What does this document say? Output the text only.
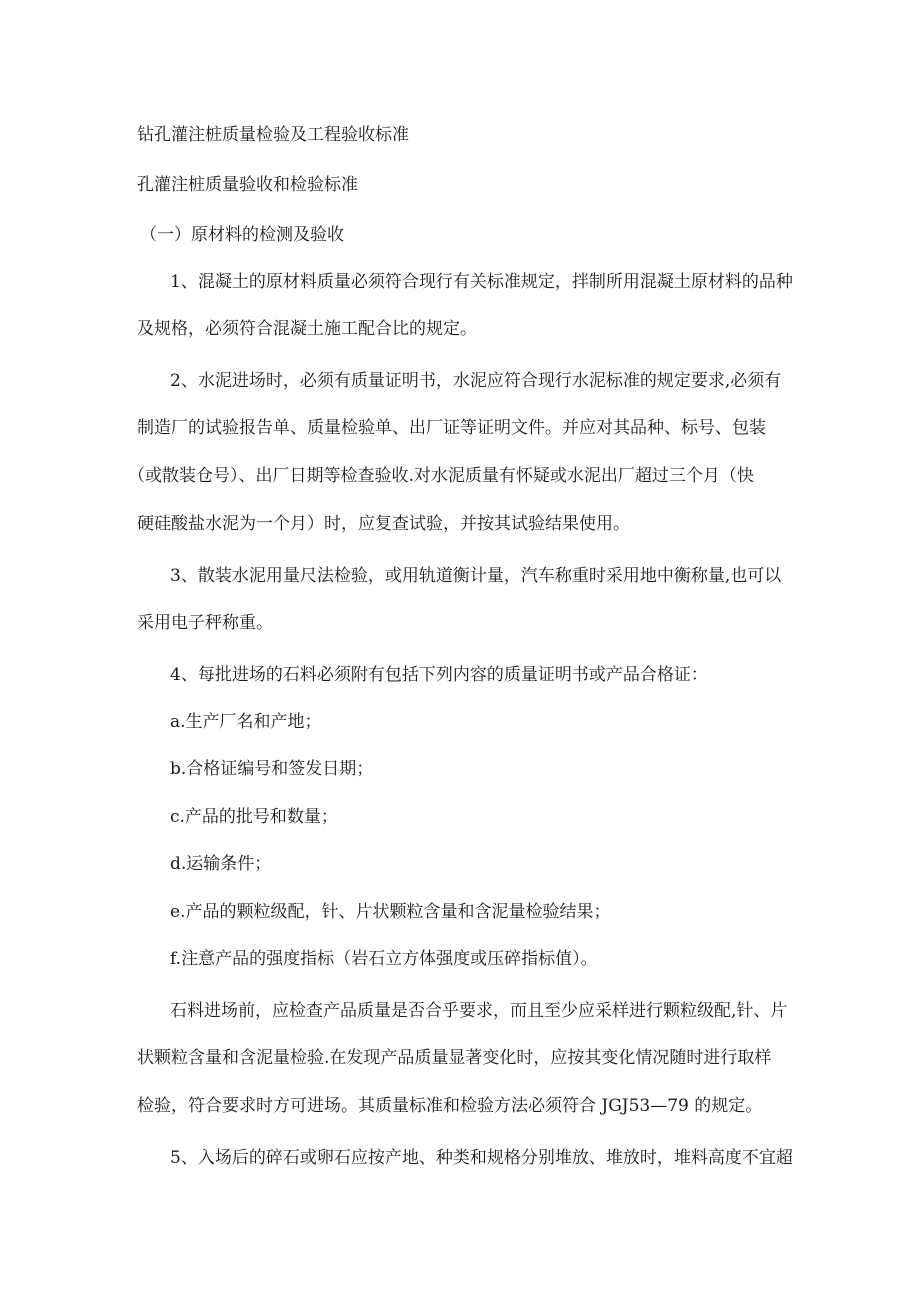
钻孔灌注桩质量检验及工程验收标准
孔灌注桩质量验收和检验标准
（一）原材料的检测及验收
1、混凝土的原材料质量必须符合现行有关标准规定，拌制所用混凝土原材料的品种
及规格，必须符合混凝土施工配合比的规定。
2、水泥进场时，必须有质量证明书，水泥应符合现行水泥标准的规定要求,必须有
制造厂的试验报告单、质量检验单、出厂证等证明文件。并应对其品种、标号、包装
（或散装仓号）、出厂日期等检查验收.对水泥质量有怀疑或水泥出厂超过三个月（快
硬硅酸盐水泥为一个月）时，应复查试验，并按其试验结果使用。
3、散装水泥用量尺法检验，或用轨道衡计量，汽车称重时采用地中衡称量,也可以
采用电子秤称重。
4、每批进场的石料必须附有包括下列内容的质量证明书或产品合格证：
a.生产厂名和产地；
b.合格证编号和签发日期；
c.产品的批号和数量；
d.运输条件；
e.产品的颗粒级配，针、片状颗粒含量和含泥量检验结果；
f.注意产品的强度指标（岩石立方体强度或压碎指标值）。
石料进场前，应检查产品质量是否合乎要求，而且至少应采样进行颗粒级配,针、片
状颗粒含量和含泥量检验.在发现产品质量显著变化时，应按其变化情况随时进行取样
检验，符合要求时方可进场。其质量标准和检验方法必须符合 JGJ53—79 的规定。
5、入场后的碎石或卵石应按产地、种类和规格分别堆放、堆放时，堆料高度不宜超
